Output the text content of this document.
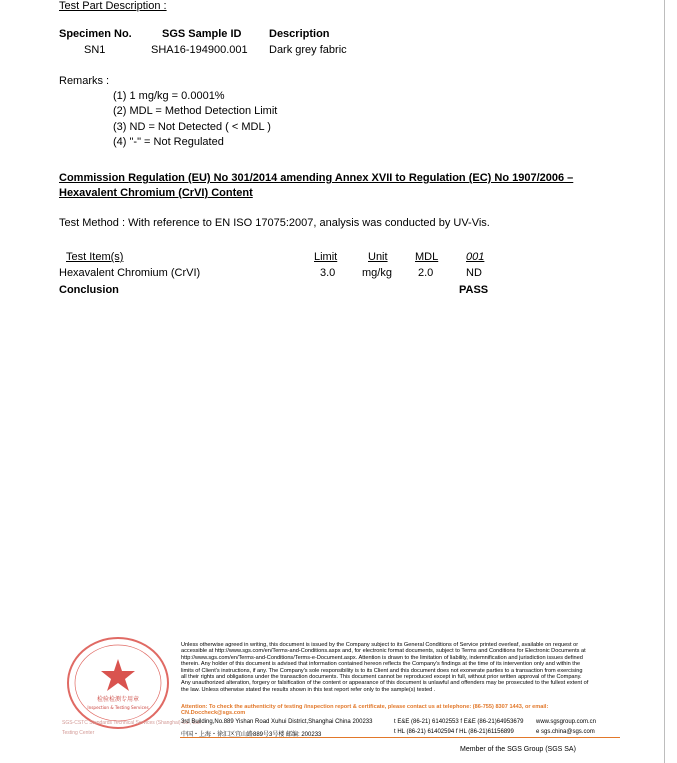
Test Part Description :
Specimen No.	SGS Sample ID	Description
SN1	SHA16-194900.001 Dark grey fabric
Remarks :
(1) 1 mg/kg = 0.0001%
(2) MDL = Method Detection Limit
(3) ND = Not Detected ( < MDL )
(4) "-" = Not Regulated
Commission Regulation (EU) No 301/2014 amending Annex XVII to Regulation (EC) No 1907/2006 –
Hexavalent Chromium (CrVI) Content
Test Method : With reference to EN ISO 17075:2007, analysis was conducted by UV-Vis.
Test Item(s)	Limit	Unit MDL	001
Hexavalent Chromium (CrVI)	3.0 mg/kg 2.0	ND
Conclusion	PASS
检验检测专用章
Inspection & Testing Services
SGS-CSTC Standards Technical Services (Shanghai) Co., Ltd.
Testing Center
Unless otherwise agreed in writing, this document is issued by the Company subject to its General Conditions of Service printed overleaf, available on request or accessible at http://www.sgs.com/en/Terms-and-Conditions.aspx and, for electronic format documents, subject to Terms and Conditions for Electronic Documents at http://www.sgs.com/en/Terms-and-Conditions/Terms-e-Document.aspx. Attention is drawn to the limitation of liability, indemnification and jurisdiction issues defined therein. Any holder of this document is advised that information contained hereon reflects the Company's findings at the time of its intervention only and within the limits of Client's instructions, if any. The Company's sole responsibility is to its Client and this document does not exonerate parties to a transaction from exercising all their rights and obligations under the transaction documents. This document cannot be reproduced except in full, without prior written approval of the Company. Any unauthorized alteration, forgery or falsification of the content or appearance of this document is unlawful and offenders may be prosecuted to the fullest extent of the law. Unless otherwise stated the results shown in this test report refer only to the sample(s) tested .
Attention: To check the authenticity of testing /inspection report & certificate, please contact us at telephone: (86-755) 8307 1443, or email: CN.Doccheck@sgs.com
3rd Building,No.889 Yishan Road Xuhui District,Shanghai China 200233
中国・上海・徐汇区宜山路889号3号楼 邮编: 200233
t E&E (86-21) 61402553 f E&E (86-21)64953679
t HL (86-21) 61402594 f HL (86-21)61156899
www.sgsgroup.com.cn
e sgs.china@sgs.com
Member of the SGS Group (SGS SA)
